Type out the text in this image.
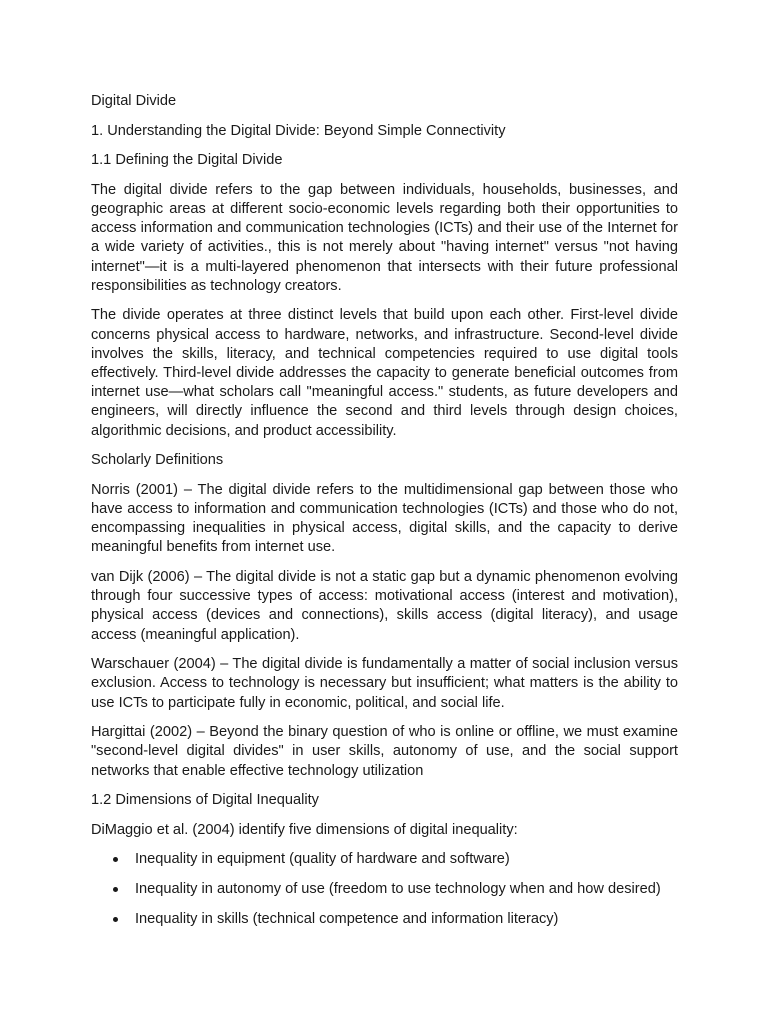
Digital Divide

1. Understanding the Digital Divide: Beyond Simple Connectivity

1.1 Defining the Digital Divide

The digital divide refers to the gap between individuals, households, businesses, and geographic areas at different socio-economic levels regarding both their opportunities to access information and communication technologies (ICTs) and their use of the Internet for a wide variety of activities., this is not merely about "having internet" versus "not having internet"—it is a multi-layered phenomenon that intersects with their future professional responsibilities as technology creators.

The divide operates at three distinct levels that build upon each other. First-level divide concerns physical access to hardware, networks, and infrastructure. Second-level divide involves the skills, literacy, and technical competencies required to use digital tools effectively. Third-level divide addresses the capacity to generate beneficial outcomes from internet use—what scholars call "meaningful access." students, as future developers and engineers, will directly influence the second and third levels through design choices, algorithmic decisions, and product accessibility.

Scholarly Definitions

Norris (2001) – The digital divide refers to the multidimensional gap between those who have access to information and communication technologies (ICTs) and those who do not, encompassing inequalities in physical access, digital skills, and the capacity to derive meaningful benefits from internet use.

van Dijk (2006) – The digital divide is not a static gap but a dynamic phenomenon evolving through four successive types of access: motivational access (interest and motivation), physical access (devices and connections), skills access (digital literacy), and usage access (meaningful application).

Warschauer (2004) – The digital divide is fundamentally a matter of social inclusion versus exclusion. Access to technology is necessary but insufficient; what matters is the ability to use ICTs to participate fully in economic, political, and social life.

Hargittai (2002) – Beyond the binary question of who is online or offline, we must examine "second-level digital divides" in user skills, autonomy of use, and the social support networks that enable effective technology utilization

1.2 Dimensions of Digital Inequality

DiMaggio et al. (2004) identify five dimensions of digital inequality:

Inequality in equipment (quality of hardware and software)
Inequality in autonomy of use (freedom to use technology when and how desired)
Inequality in skills (technical competence and information literacy)
